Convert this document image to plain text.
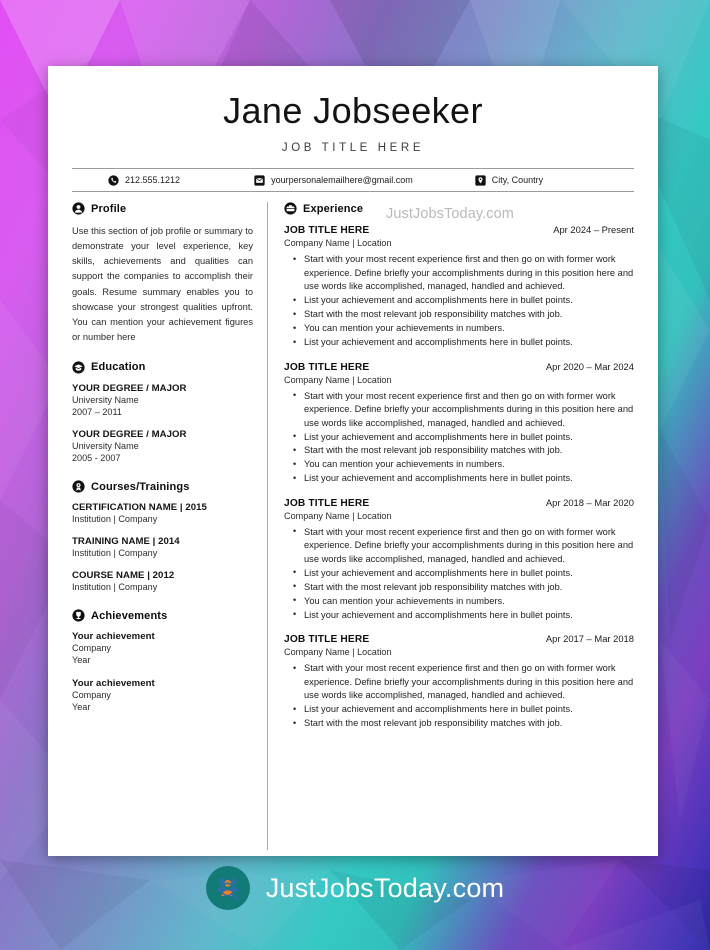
Jane Jobseeker
JOB TITLE HERE
212.555.1212	yourpersonalemailhere@gmail.com	City, Country
Profile
Use this section of job profile or summary to demonstrate your level experience, key skills, achievements and qualities can support the companies to accomplish their goals. Resume summary enables you to showcase your strongest qualities upfront. You can mention your achievement figures or number here
Education
YOUR DEGREE / MAJOR
University Name
2007 – 2011
YOUR DEGREE / MAJOR
University Name
2005 - 2007
Courses/Trainings
CERTIFICATION NAME | 2015
Institution | Company
TRAINING NAME | 2014
Institution | Company
COURSE NAME | 2012
Institution | Company
Achievements
Your achievement
Company
Year
Your achievement
Company
Year
JustJobsToday.com
Experience
JOB TITLE HERE	Apr 2024 – Present
Company Name | Location
• Start with your most recent experience first and then go on with former work experience. Define briefly your accomplishments during in this position here and use words like accomplished, managed, handled and achieved.
• List your achievement and accomplishments here in bullet points.
• Start with the most relevant job responsibility matches with job.
• You can mention your achievements in numbers.
• List your achievement and accomplishments here in bullet points.
JOB TITLE HERE	Apr 2020 – Mar 2024
Company Name | Location
• Start with your most recent experience first and then go on with former work experience. Define briefly your accomplishments during in this position here and use words like accomplished, managed, handled and achieved.
• List your achievement and accomplishments here in bullet points.
• Start with the most relevant job responsibility matches with job.
• You can mention your achievements in numbers.
• List your achievement and accomplishments here in bullet points.
JOB TITLE HERE	Apr 2018 – Mar 2020
Company Name | Location
• Start with your most recent experience first and then go on with former work experience. Define briefly your accomplishments during in this position here and use words like accomplished, managed, handled and achieved.
• List your achievement and accomplishments here in bullet points.
• Start with the most relevant job responsibility matches with job.
• You can mention your achievements in numbers.
• List your achievement and accomplishments here in bullet points.
JOB TITLE HERE	Apr 2017 – Mar 2018
Company Name | Location
• Start with your most recent experience first and then go on with former work experience. Define briefly your accomplishments during in this position here and use words like accomplished, managed, handled and achieved.
• List your achievement and accomplishments here in bullet points.
• Start with the most relevant job responsibility matches with job.
JustJobsToday.com
